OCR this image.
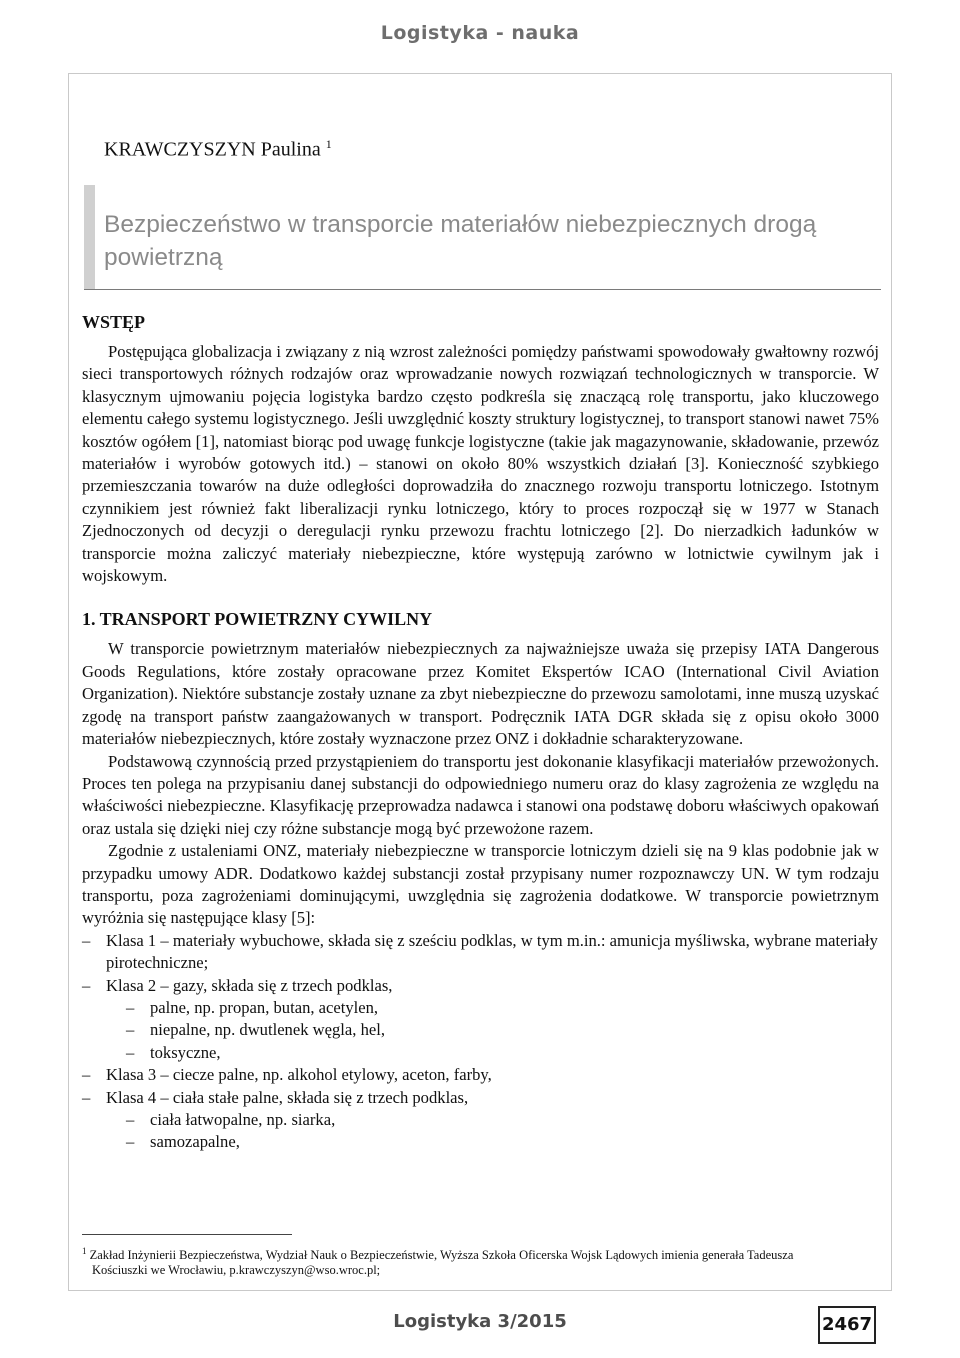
Logistyka - nauka
KRAWCZYSZYN Paulina $^1$
Bezpieczeństwo w transporcie materiałów niebezpiecznych drogą powietrzną
WSTĘP

Postępująca globalizacja i związany z nią wzrost zależności pomiędzy państwami spowodowały gwałtowny rozwój sieci transportowych różnych rodzajów oraz wprowadzanie nowych rozwiązań technologicznych w transporcie. W klasycznym ujmowaniu pojęcia logistyka bardzo często podkreśla się znaczącą rolę transportu, jako kluczowego elementu całego systemu logistycznego. Jeśli uwzględnić koszty struktury logistycznej, to transport stanowi nawet 75% kosztów ogółem [1], natomiast biorąc pod uwagę funkcje logistyczne (takie jak magazynowanie, składowanie, przewóz materiałów i wyrobów gotowych itd.) – stanowi on około 80% wszystkich działań [3]. Konieczność szybkiego przemieszczania towarów na duże odległości doprowadziła do znacznego rozwoju transportu lotniczego. Istotnym czynnikiem jest również fakt liberalizacji rynku lotniczego, który to proces rozpoczął się w 1977 w Stanach Zjednoczonych od decyzji o deregulacji rynku przewozu frachtu lotniczego [2]. Do nierzadkich ładunków w transporcie można zaliczyć materiały niebezpieczne, które występują zarówno w lotnictwie cywilnym jak i wojskowym.

1. TRANSPORT POWIETRZNY CYWILNY

W transporcie powietrznym materiałów niebezpiecznych za najważniejsze uważa się przepisy IATA Dangerous Goods Regulations, które zostały opracowane przez Komitet Ekspertów ICAO (International Civil Aviation Organization). Niektóre substancje zostały uznane za zbyt niebezpieczne do przewozu samolotami, inne muszą uzyskać zgodę na transport państw zaangażowanych w transport. Podręcznik IATA DGR składa się z opisu około 3000 materiałów niebezpiecznych, które zostały wyznaczone przez ONZ i dokładnie scharakteryzowane.

Podstawową czynnością przed przystąpieniem do transportu jest dokonanie klasyfikacji materiałów przewożonych. Proces ten polega na przypisaniu danej substancji do odpowiedniego numeru oraz do klasy zagrożenia ze względu na właściwości niebezpieczne. Klasyfikację przeprowadza nadawca i stanowi ona podstawę doboru właściwych opakowań oraz ustala się dzięki niej czy różne substancje mogą być przewożone razem.

Zgodnie z ustaleniami ONZ, materiały niebezpieczne w transporcie lotniczym dzieli się na 9 klas podobnie jak w przypadku umowy ADR. Dodatkowo każdej substancji został przypisany numer rozpoznawczy UN. W tym rodzaju transportu, poza zagrożeniami dominującymi, uwzględnia się zagrożenia dodatkowe. W transporcie powietrznym wyróżnia się następujące klasy [5]:

– Klasa 1 – materiały wybuchowe, składa się z sześciu podklas, w tym m.in.: amunicja myśliwska, wybrane materiały pirotechniczne;
– Klasa 2 – gazy, składa się z trzech podklas,
– palne, np. propan, butan, acetylen,
– niepalne, np. dwutlenek węgla, hel,
– toksyczne,
– Klasa 3 – ciecze palne, np. alkohol etylowy, aceton, farby,
– Klasa 4 – ciała stałe palne, składa się z trzech podklas,
– ciała łatwopalne, np. siarka,
– samozapalne,
$^1$ Zakład Inżynierii Bezpieczeństwa, Wydział Nauk o Bezpieczeństwie, Wyższa Szkoła Oficerska Wojsk Lądowych imienia generała Tadeusza
Kościuszki we Wrocławiu, p.krawczyszyn@wso.wroc.pl;
Logistyka 3/2015	2467
